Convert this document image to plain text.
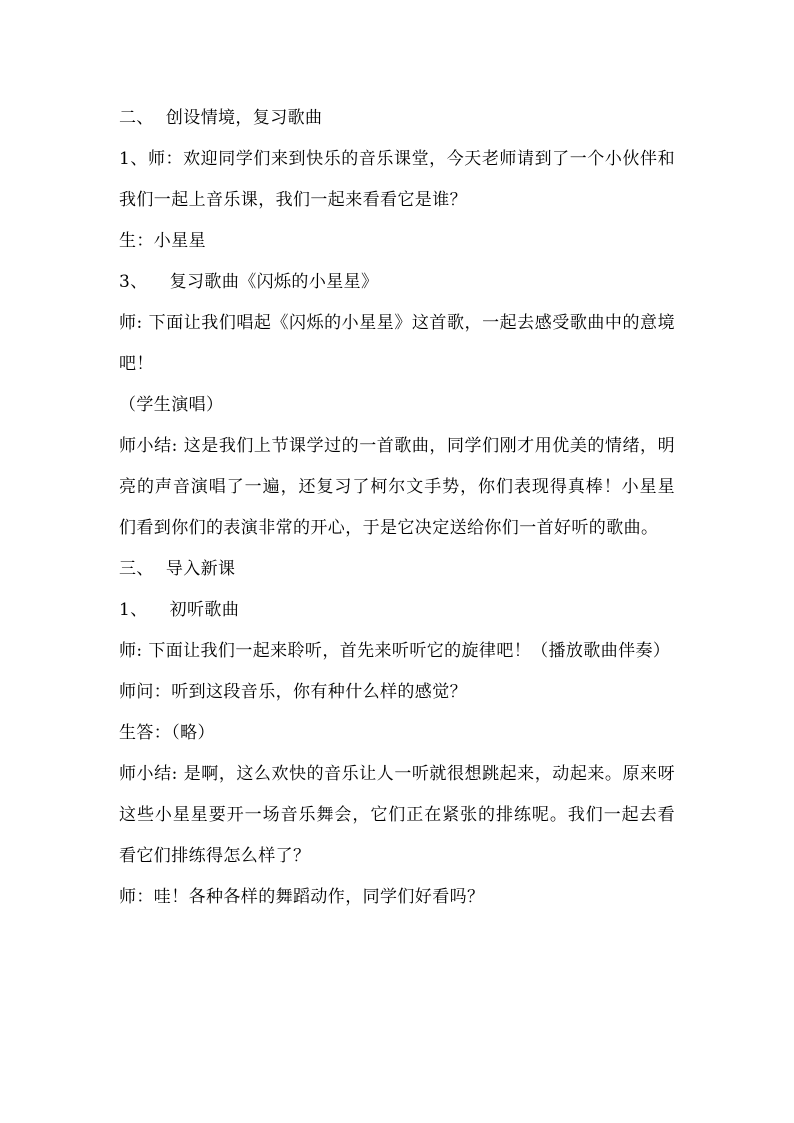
二、 创设情境，复习歌曲
1、师：欢迎同学们来到快乐的音乐课堂，今天老师请到了一个小伙伴和我们一起上音乐课，我们一起来看看它是谁？
生：小星星
3、 复习歌曲《闪烁的小星星》
师: 下面让我们唱起《闪烁的小星星》这首歌，一起去感受歌曲中的意境吧！
（学生演唱）
师小结: 这是我们上节课学过的一首歌曲，同学们刚才用优美的情绪，明亮的声音演唱了一遍，还复习了柯尔文手势，你们表现得真棒！小星星们看到你们的表演非常的开心，于是它决定送给你们一首好听的歌曲。
三、 导入新课
1、 初听歌曲
师: 下面让我们一起来聆听，首先来听听它的旋律吧！（播放歌曲伴奏）
师问：听到这段音乐，你有种什么样的感觉？
生答：（略）
师小结: 是啊，这么欢快的音乐让人一听就很想跳起来，动起来。原来呀这些小星星要开一场音乐舞会，它们正在紧张的排练呢。我们一起去看看它们排练得怎么样了？
师：哇！各种各样的舞蹈动作，同学们好看吗？
